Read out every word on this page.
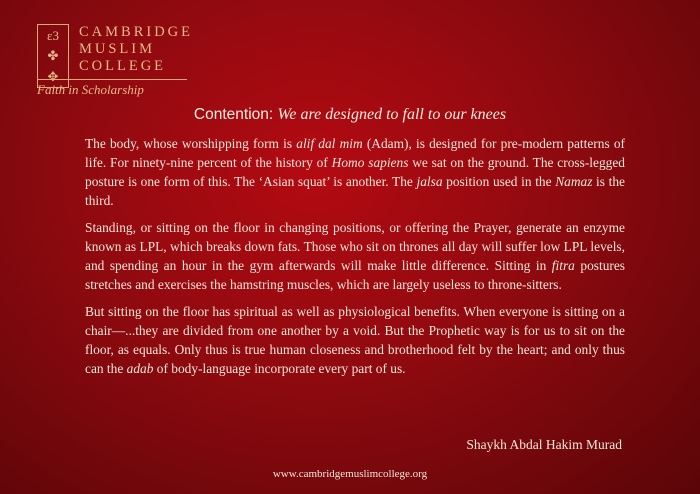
ɛ3
✤
✥
CAMBRIDGE
MUSLIM
COLLEGE
Faith in Scholarship
Contention: We are designed to fall to our knees

The body, whose worshipping form is alif dal mim (Adam), is designed for pre-modern patterns of life. For ninety-nine percent of the history of Homo sapiens we sat on the ground. The cross-legged posture is one form of this. The ‘Asian squat’ is another. The jalsa position used in the Namaz is the third.

Standing, or sitting on the floor in changing positions, or offering the Prayer, generate an enzyme known as LPL, which breaks down fats. Those who sit on thrones all day will suffer low LPL levels, and spending an hour in the gym afterwards will make little difference. Sitting in fitra postures stretches and exercises the hamstring muscles, which are largely useless to throne-sitters.

But sitting on the floor has spiritual as well as physiological benefits. When everyone is sitting on a chair—...they are divided from one another by a void. But the Prophetic way is for us to sit on the floor, as equals. Only thus is true human closeness and brotherhood felt by the heart; and only thus can the adab of body-language incorporate every part of us.

Shaykh Abdal Hakim Murad
www.cambridgemuslimcollege.org
